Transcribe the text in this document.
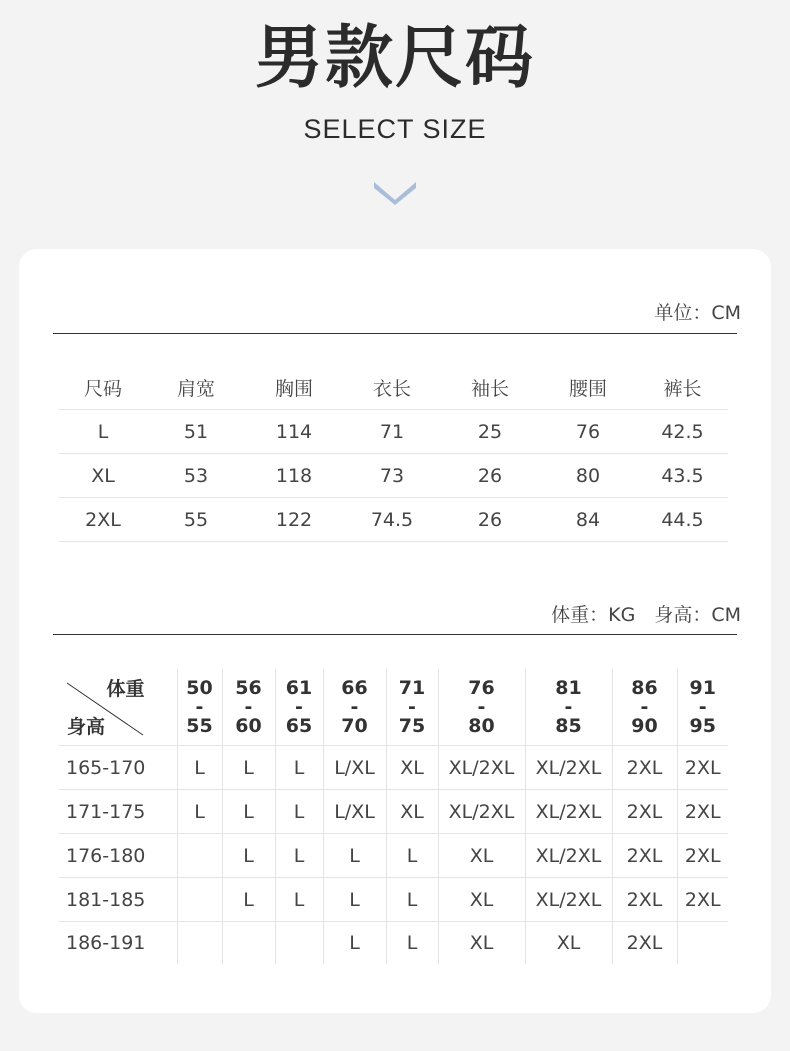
男款尺码
SELECT SIZE
单位：CM
尺码	肩宽	胸围	衣长	袖长	腰围	裤长
L	51	114	71	25	76	42.5
XL	53	118	73	26	80	43.5
2XL	55	122	74.5	26	84	44.5
体重：KG　身高：CM
体重
身高	50
-
55	56
-
60	61
-
65	66
-
70	71
-
75	76
-
80	81
-
85	86
-
90	91
-
95

165-170	L	L	L	L/XL	XL	XL/2XL	XL/2XL	2XL	2XL
171-175	L	L	L	L/XL	XL	XL/2XL	XL/2XL	2XL	2XL
176-180		L	L	L	L	XL	XL/2XL	2XL	2XL
181-185		L	L	L	L	XL	XL/2XL	2XL	2XL
186-191				L	L	XL	XL	2XL	
